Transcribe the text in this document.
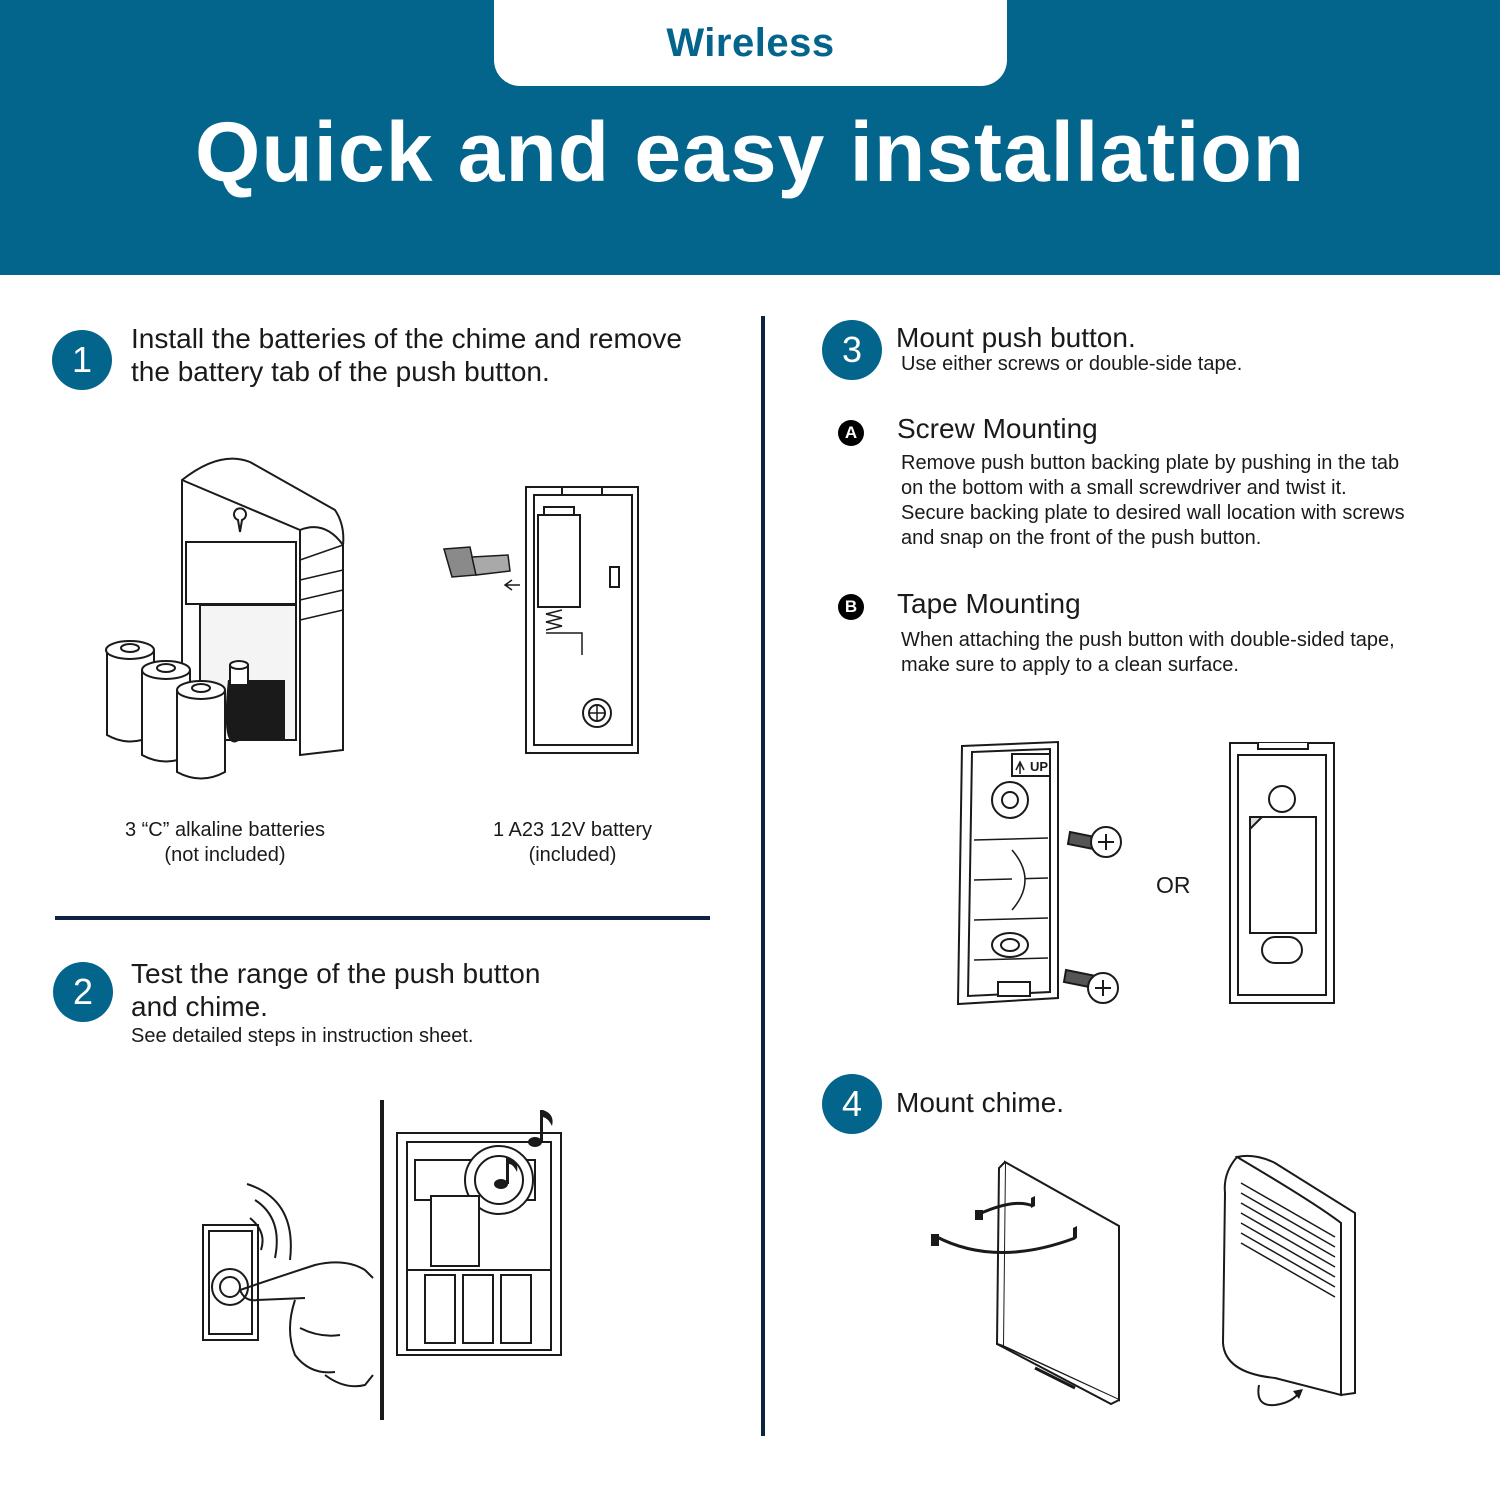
Wireless
Quick and easy installation
1
Install the batteries of the chime and remove
the battery tab of the push button.
3 “C” alkaline batteries
(not included)
1 A23 12V battery
(included)
2 Test the range of the push button
and chime.
See detailed steps in instruction sheet.
3 Mount push button.
Use either screws or double-side tape.
A Screw Mounting
Remove push button backing plate by pushing in the tab
on the bottom with a small screwdriver and twist it.
Secure backing plate to desired wall location with screws
and snap on the front of the push button.
B Tape Mounting
When attaching the push button with double-sided tape,
make sure to apply to a clean surface.
UP
OR
4 Mount chime.
